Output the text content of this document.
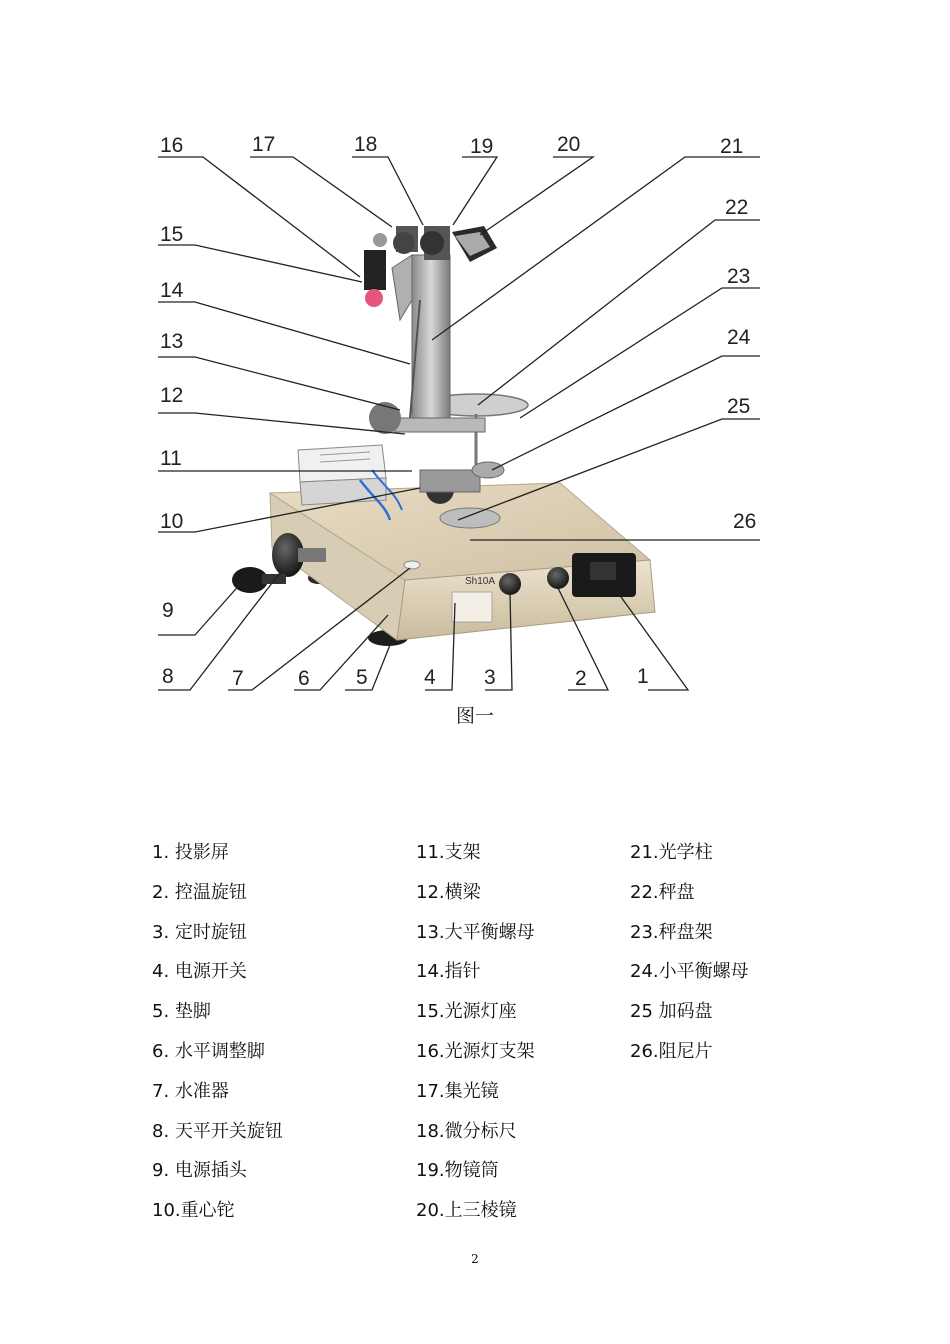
Sh10A
1
2
3
4
5
6
7
8
9
10
11
12
13
14
15
16	17	18	19	20	21
22
23
24
25
26
图一
1. 投影屏
2. 控温旋钮
3. 定时旋钮
4. 电源开关
5. 垫脚
6. 水平调整脚
7. 水准器
8. 天平开关旋钮
9. 电源插头
10.重心铊
11.支架
12.横梁
13.大平衡螺母
14.指针
15.光源灯座
16.光源灯支架
17.集光镜
18.微分标尺
19.物镜筒
20.上三棱镜
21.光学柱
22.秤盘
23.秤盘架
24.小平衡螺母
25 加码盘
26.阻尼片
2
